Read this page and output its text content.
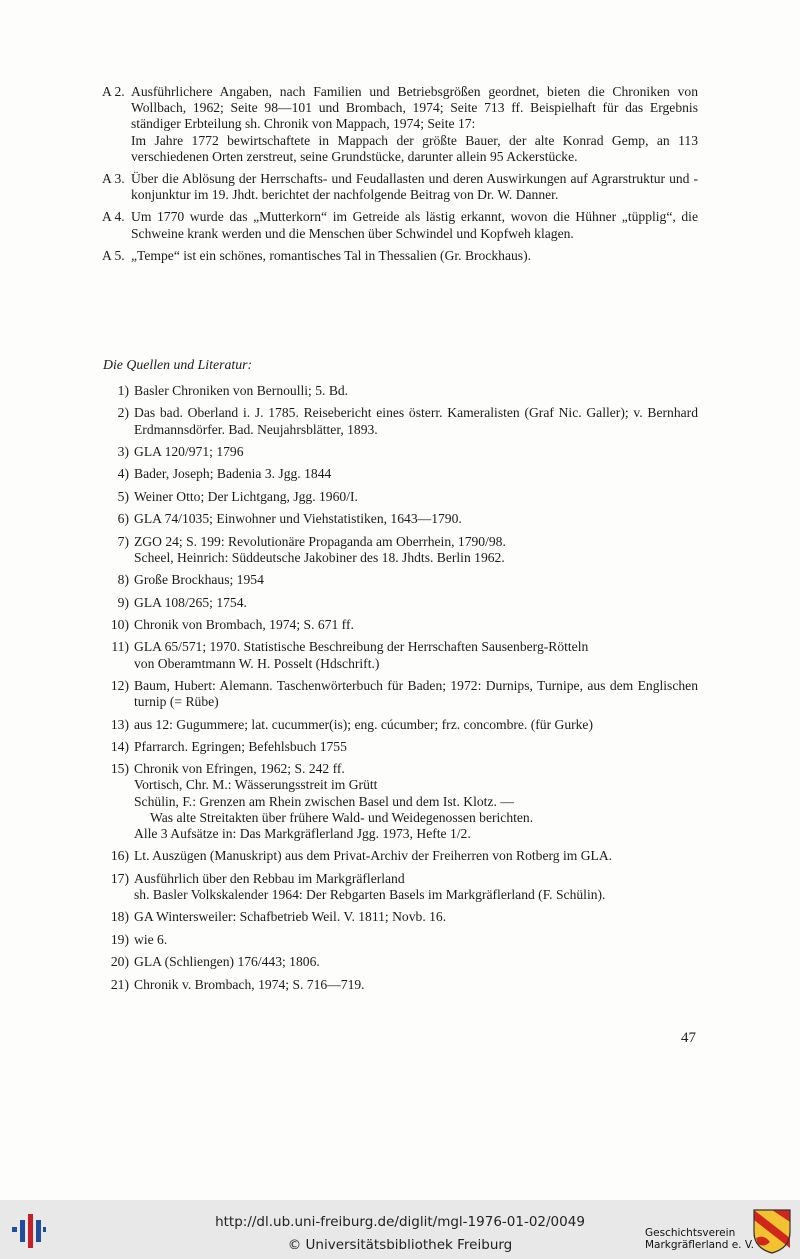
A 2. Ausführlichere Angaben, nach Familien und Betriebsgrößen geordnet, bieten die Chroniken von Wollbach, 1962; Seite 98—101 und Brombach, 1974; Seite 713 ff. Beispielhaft für das Ergebnis ständiger Erbteilung sh. Chronik von Mappach, 1974; Seite 17:
Im Jahre 1772 bewirtschaftete in Mappach der größte Bauer, der alte Konrad Gemp, an 113 verschiedenen Orten zerstreut, seine Grundstücke, darunter allein 95 Ackerstücke.
A 3. Über die Ablösung der Herrschafts- und Feudallasten und deren Auswirkungen auf Agrarstruktur und -konjunktur im 19. Jhdt. berichtet der nachfolgende Beitrag von Dr. W. Danner.
A 4. Um 1770 wurde das „Mutterkorn“ im Getreide als lästig erkannt, wovon die Hühner „tüpplig“, die Schweine krank werden und die Menschen über Schwindel und Kopfweh klagen.
A 5. „Tempe“ ist ein schönes, romantisches Tal in Thessalien (Gr. Brockhaus).
Die Quellen und Literatur:
1) Basler Chroniken von Bernoulli; 5. Bd.
2) Das bad. Oberland i. J. 1785. Reisebericht eines österr. Kameralisten (Graf Nic. Galler); v. Bernhard Erdmannsdörfer. Bad. Neujahrsblätter, 1893.
3) GLA 120/971; 1796
4) Bader, Joseph; Badenia 3. Jgg. 1844
5) Weiner Otto; Der Lichtgang, Jgg. 1960/I.
6) GLA 74/1035; Einwohner und Viehstatistiken, 1643—1790.
7) ZGO 24; S. 199: Revolutionäre Propaganda am Oberrhein, 1790/98.
Scheel, Heinrich: Süddeutsche Jakobiner des 18. Jhdts. Berlin 1962.
8) Große Brockhaus; 1954
9) GLA 108/265; 1754.
10) Chronik von Brombach, 1974; S. 671 ff.
11) GLA 65/571; 1970. Statistische Beschreibung der Herrschaften Sausenberg-Rötteln
von Oberamtmann W. H. Posselt (Hdschrift.)
12) Baum, Hubert: Alemann. Taschenwörterbuch für Baden; 1972: Durnips, Turnipe, aus dem Englischen turnip (= Rübe)
13) aus 12: Gugummere; lat. cucummer(is); eng. cúcumber; frz. concombre. (für Gurke)
14) Pfarrarch. Egringen; Befehlsbuch 1755
15) Chronik von Efringen, 1962; S. 242 ff.
Vortisch, Chr. M.: Wässerungsstreit im Grütt
Schülin, F.: Grenzen am Rhein zwischen Basel und dem Ist. Klotz. —
Was alte Streitakten über frühere Wald- und Weidegenossen berichten.
Alle 3 Aufsätze in: Das Markgräflerland Jgg. 1973, Hefte 1/2.
16) Lt. Auszügen (Manuskript) aus dem Privat-Archiv der Freiherren von Rotberg im GLA.
17) Ausführlich über den Rebbau im Markgräflerland
sh. Basler Volkskalender 1964: Der Rebgarten Basels im Markgräflerland (F. Schülin).
18) GA Wintersweiler: Schafbetrieb Weil. V. 1811; Novb. 16.
19) wie 6.
20) GLA (Schliengen) 176/443; 1806.
21) Chronik v. Brombach, 1974; S. 716—719.
47
http://dl.ub.uni-freiburg.de/diglit/mgl-1976-01-02/0049
© Universitätsbibliothek Freiburg
Geschichtsverein
Markgräflerland e. V.
